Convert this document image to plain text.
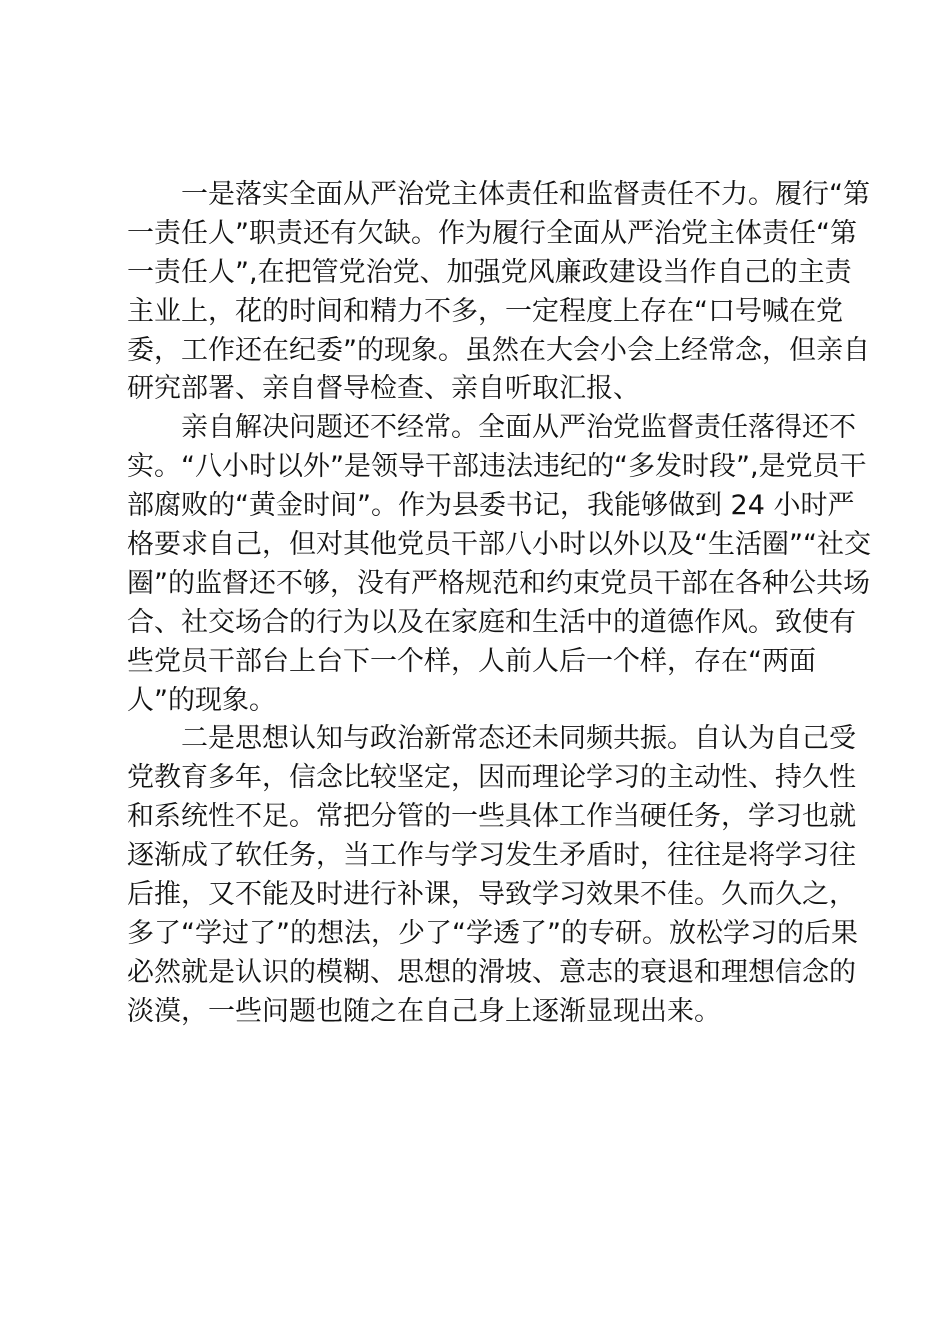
一是落实全面从严治党主体责任和监督责任不力。履行“第
一责任人”职责还有欠缺。作为履行全面从严治党主体责任“第
一责任人”,在把管党治党、加强党风廉政建设当作自己的主责
主业上，花的时间和精力不多，一定程度上存在“口号喊在党
委，工作还在纪委”的现象。虽然在大会小会上经常念，但亲自
研究部署、亲自督导检查、亲自听取汇报、
亲自解决问题还不经常。全面从严治党监督责任落得还不
实。“八小时以外”是领导干部违法违纪的“多发时段”,是党员干
部腐败的“黄金时间”。作为县委书记，我能够做到 24 小时严
格要求自己，但对其他党员干部八小时以外以及“生活圈”“社交
圈”的监督还不够，没有严格规范和约束党员干部在各种公共场
合、社交场合的行为以及在家庭和生活中的道德作风。致使有
些党员干部台上台下一个样，人前人后一个样，存在“两面
人”的现象。
二是思想认知与政治新常态还未同频共振。自认为自己受
党教育多年，信念比较坚定，因而理论学习的主动性、持久性
和系统性不足。常把分管的一些具体工作当硬任务，学习也就
逐渐成了软任务，当工作与学习发生矛盾时，往往是将学习往
后推，又不能及时进行补课，导致学习效果不佳。久而久之，
多了“学过了”的想法，少了“学透了”的专研。放松学习的后果
必然就是认识的模糊、思想的滑坡、意志的衰退和理想信念的
淡漠，一些问题也随之在自己身上逐渐显现出来。
